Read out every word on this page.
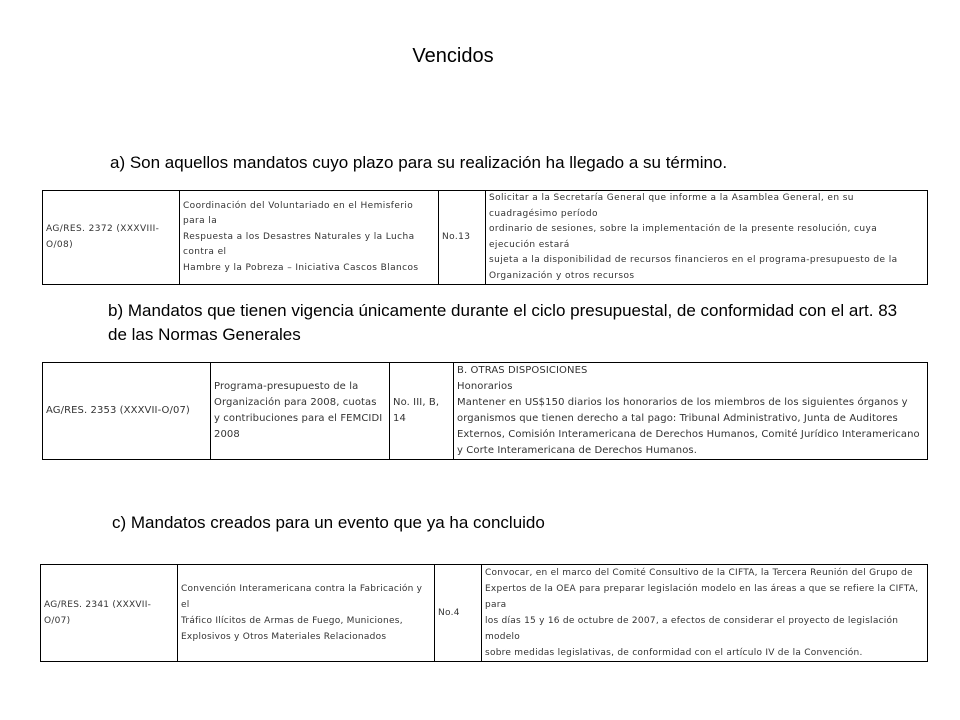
Vencidos
a) Son aquellos mandatos cuyo plazo para su realización ha llegado a su término.
AG/RES. 2372 (XXXVIII-O/08)

Coordinación del Voluntariado en el Hemisferio para la
Respuesta a los Desastres Naturales y la Lucha contra el
Hambre y la Pobreza – Iniciativa Cascos Blancos

No.13

Solicitar a la Secretaría General que informe a la Asamblea General, en su cuadragésimo período
ordinario de sesiones, sobre la implementación de la presente resolución, cuya ejecución estará
sujeta a la disponibilidad de recursos financieros en el programa-presupuesto de la
Organización y otros recursos
b) Mandatos que tienen vigencia únicamente durante el ciclo presupuestal, de conformidad con el art. 83 de las Normas Generales
AG/RES. 2353 (XXXVII-O/07)

Programa-presupuesto de la
Organización para 2008, cuotas
y contribuciones para el FEMCIDI
2008

No. III, B, 14

B. OTRAS DISPOSICIONES
Honorarios
Mantener en US$150 diarios los honorarios de los miembros de los siguientes órganos y
organismos que tienen derecho a tal pago: Tribunal Administrativo, Junta de Auditores
Externos, Comisión Interamericana de Derechos Humanos, Comité Jurídico Interamericano
y Corte Interamericana de Derechos Humanos.
c) Mandatos creados para un evento que ya ha concluido
AG/RES. 2341 (XXXVII-O/07)

Convención Interamericana contra la Fabricación y el
Tráfico Ilícitos de Armas de Fuego, Municiones,
Explosivos y Otros Materiales Relacionados

No.4

Convocar, en el marco del Comité Consultivo de la CIFTA, la Tercera Reunión del Grupo de
Expertos de la OEA para preparar legislación modelo en las áreas a que se refiere la CIFTA, para
los días 15 y 16 de octubre de 2007, a efectos de considerar el proyecto de legislación modelo
sobre medidas legislativas, de conformidad con el artículo IV de la Convención.
